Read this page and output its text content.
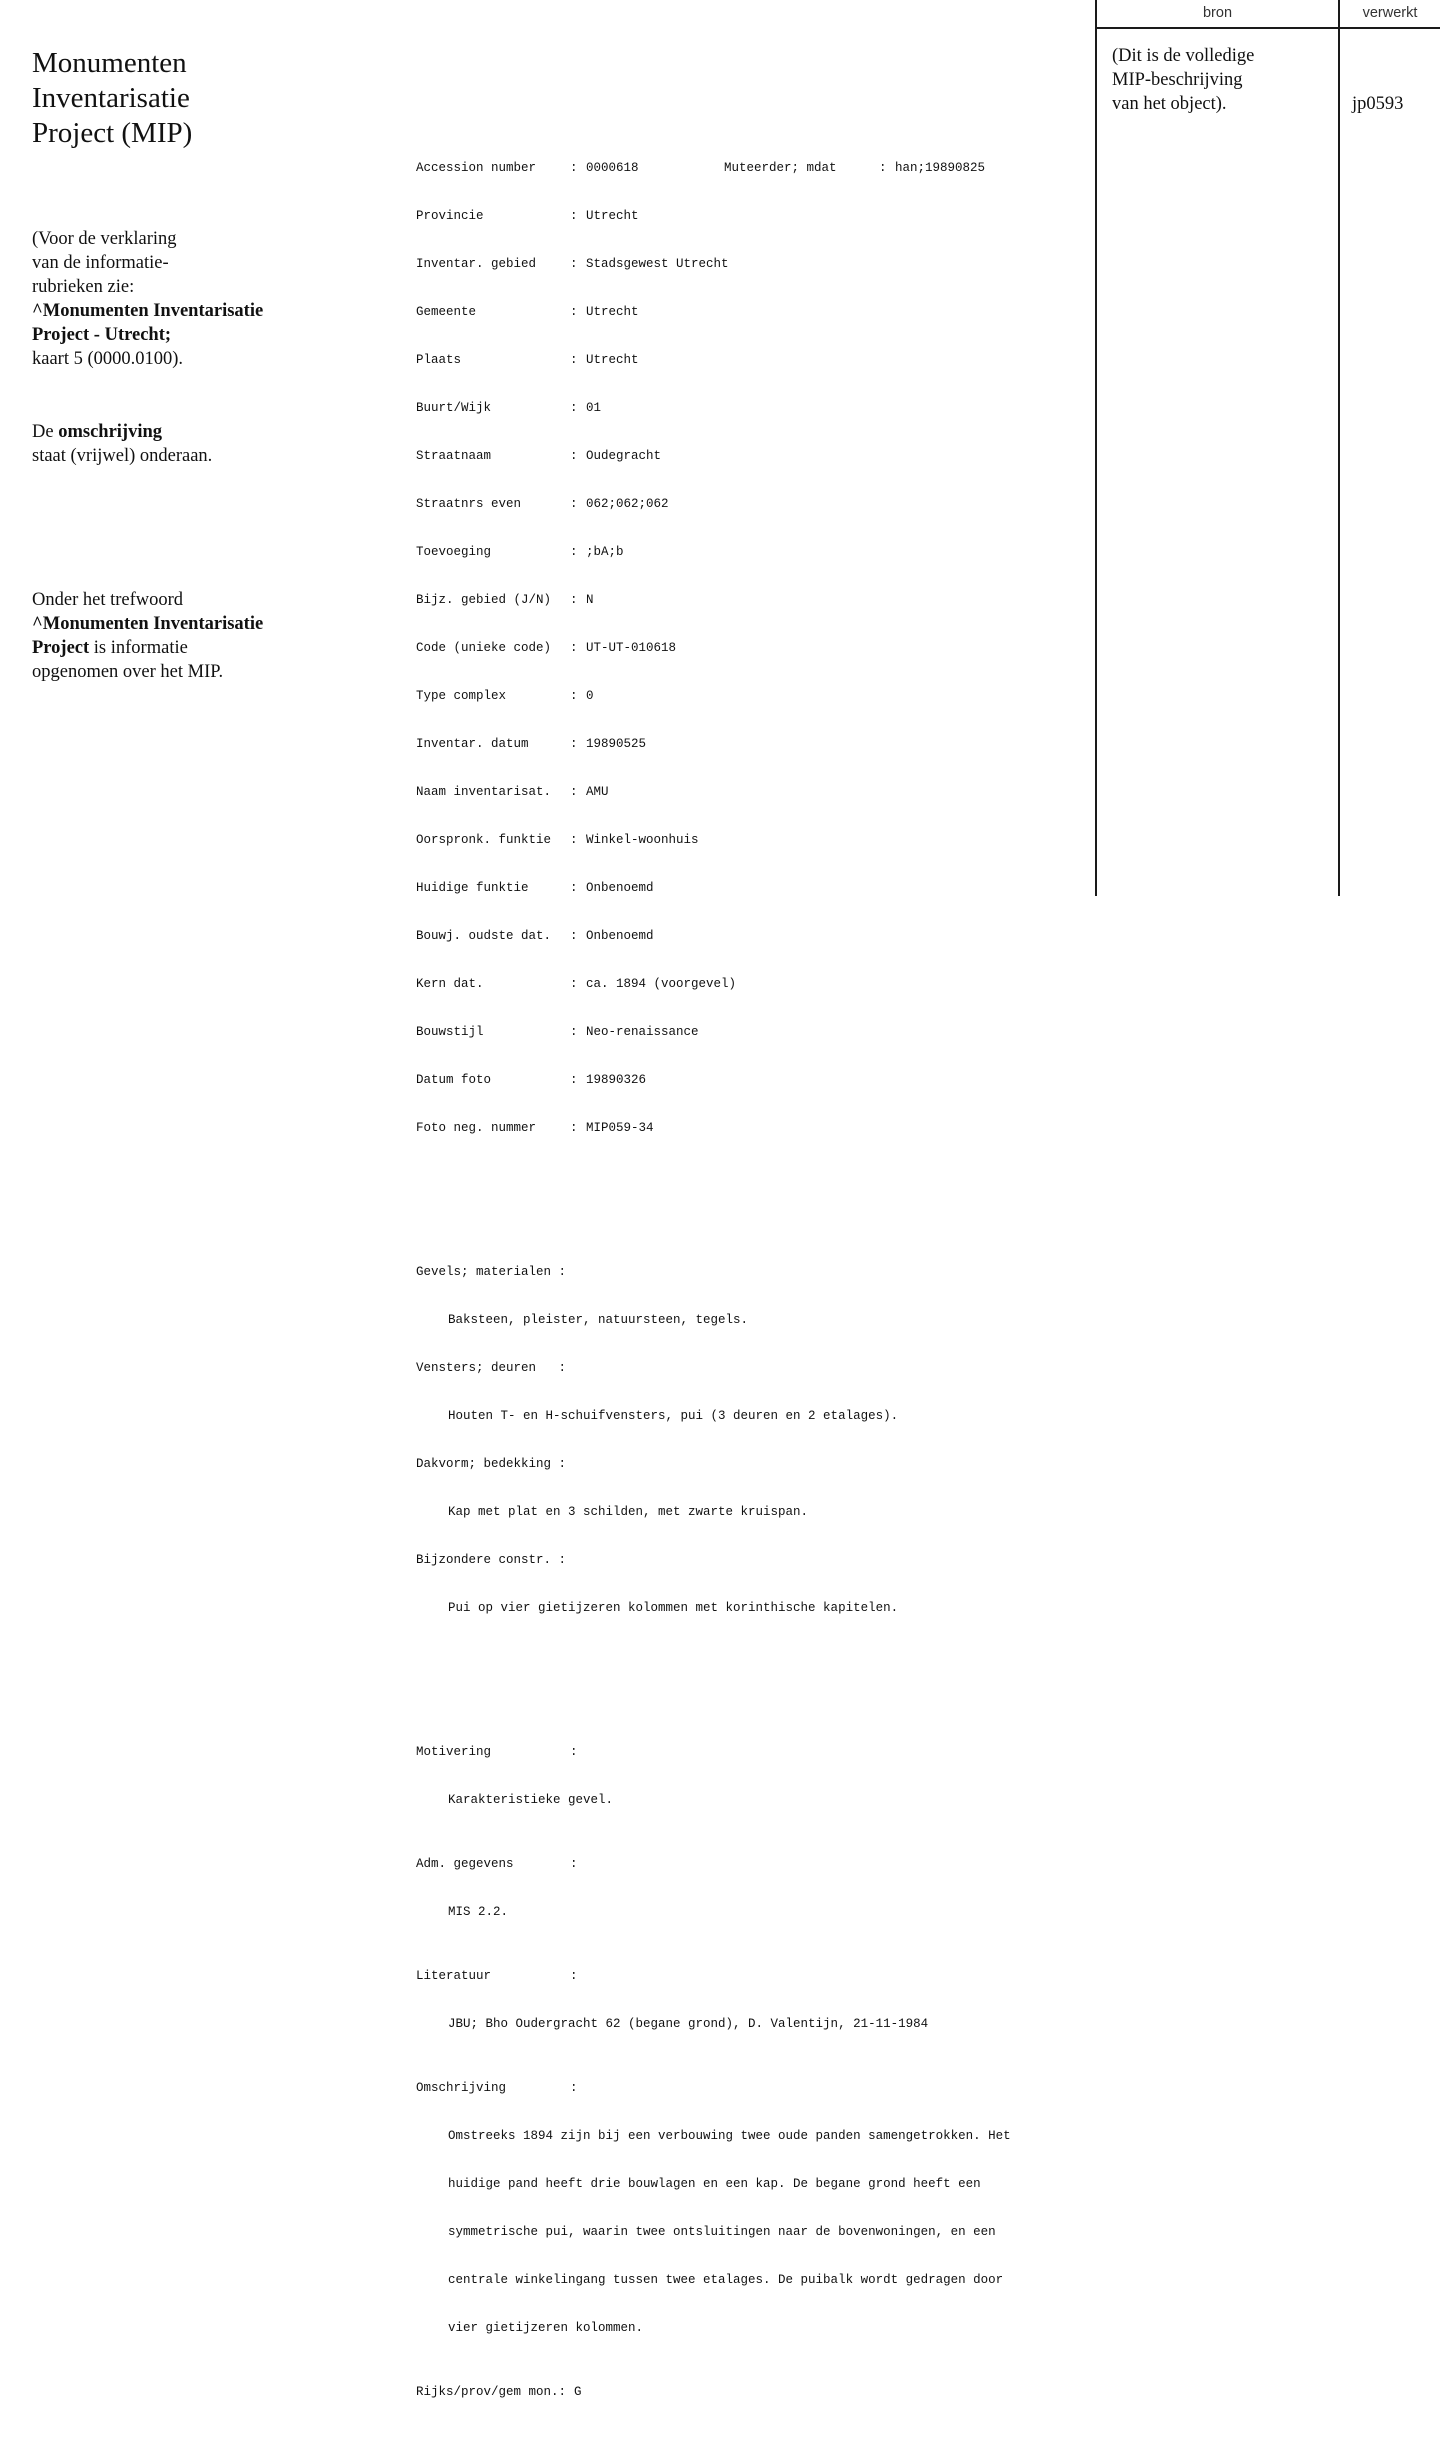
Monumenten
Inventarisatie
Project (MIP)
(Voor de verklaring
van de informatie-
rubrieken zie:
^Monumenten Inventarisatie
Project - Utrecht;
kaart 5 (0000.0100).
De omschrijving
staat (vrijwel) onderaan.
Onder het trefwoord
^Monumenten Inventarisatie
Project is informatie
opgenomen over het MIP.

Accession number	: 0000618	Muteerder; mdat	: han;19890825

Provincie	: Utrecht

Inventar. gebied	: Stadsgewest Utrecht

Gemeente	: Utrecht

Plaats	: Utrecht

Buurt/Wijk	: 01

Straatnaam	: Oudegracht

Straatnrs even	: 062;062;062

Toevoeging	: ;bA;b

Bijz. gebied (J/N)	: N

Code (unieke code)	: UT-UT-010618

Type complex	: 0

Inventar. datum	: 19890525

Naam inventarisat.	: AMU

Oorspronk. funktie	: Winkel-woonhuis

Huidige funktie	: Onbenoemd

Bouwj. oudste dat.	: Onbenoemd

Kern dat.	: ca. 1894 (voorgevel)

Bouwstijl	: Neo-renaissance

Datum foto	: 19890326

Foto neg. nummer	: MIP059-34

Gevels; materialen :

Baksteen, pleister, natuursteen, tegels.

Vensters; deuren   :

Houten T- en H-schuifvensters, pui (3 deuren en 2 etalages).

Dakvorm; bedekking :

Kap met plat en 3 schilden, met zwarte kruispan.

Bijzondere constr. :

Pui op vier gietijzeren kolommen met korinthische kapitelen.

Motivering	:

Karakteristieke gevel.

Adm. gegevens	:

MIS 2.2.

Literatuur	:

JBU; Bho Oudergracht 62 (begane grond), D. Valentijn, 21-11-1984

Omschrijving	:

Omstreeks 1894 zijn bij een verbouwing twee oude panden samengetrokken. Het

huidige pand heeft drie bouwlagen en een kap. De begane grond heeft een

symmetrische pui, waarin twee ontsluitingen naar de bovenwoningen, en een

centrale winkelingang tussen twee etalages. De puibalk wordt gedragen door

vier gietijzeren kolommen.

Rijks/prov/gem mon.: G

bron	verwerkt
(Dit is de volledige
MIP-beschrijving
van het object).	jp0593
